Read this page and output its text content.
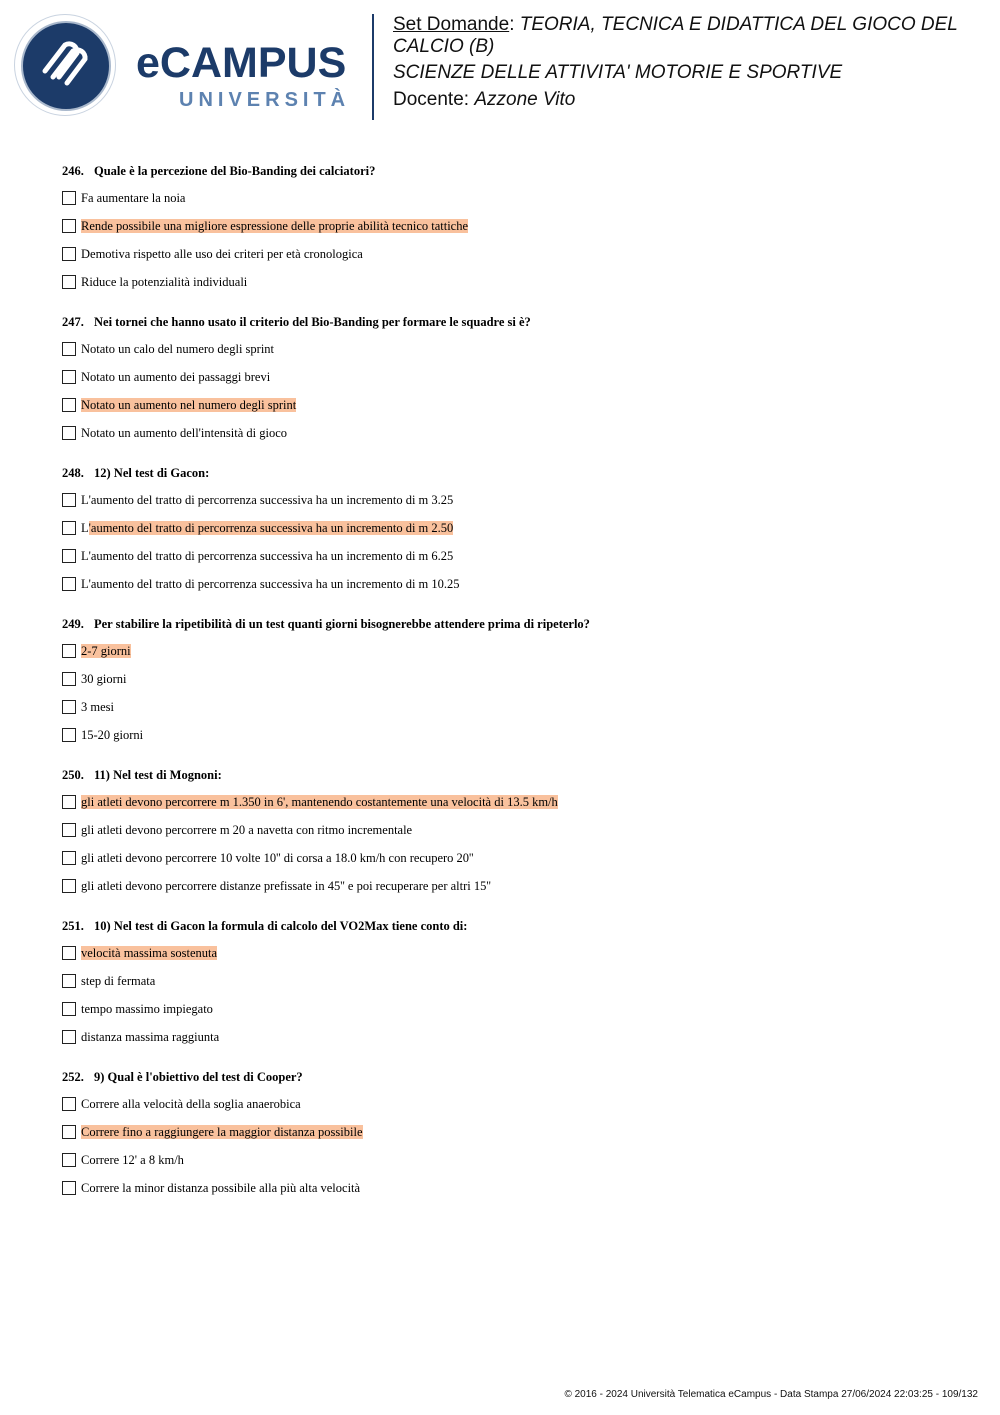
eCAMPUS
UNIVERSITÀ
Set Domande: TEORIA, TECNICA E DIDATTICA DEL GIOCO DEL CALCIO (B)
SCIENZE DELLE ATTIVITA' MOTORIE E SPORTIVE
Docente: Azzone Vito
246. Quale è la percezione del Bio-Banding dei calciatori?
Fa aumentare la noia
Rende possibile una migliore espressione delle proprie abilità tecnico tattiche
Demotiva rispetto alle uso dei criteri per età cronologica
Riduce la potenzialità individuali
247. Nei tornei che hanno usato il criterio del Bio-Banding per formare le squadre si è?
Notato un calo del numero degli sprint
Notato un aumento dei passaggi brevi
Notato un aumento nel numero degli sprint
Notato un aumento dell'intensità di gioco
248. 12) Nel test di Gacon:
L'aumento del tratto di percorrenza successiva ha un incremento di m 3.25
L'aumento del tratto di percorrenza successiva ha un incremento di m 2.50
L'aumento del tratto di percorrenza successiva ha un incremento di m 6.25
L'aumento del tratto di percorrenza successiva ha un incremento di m 10.25
249. Per stabilire la ripetibilità di un test quanti giorni bisognerebbe attendere prima di ripeterlo?
2-7 giorni
30 giorni
3 mesi
15-20 giorni
250. 11) Nel test di Mognoni:
gli atleti devono percorrere m 1.350 in 6', mantenendo costantemente una velocità di 13.5 km/h
gli atleti devono percorrere m 20 a navetta con ritmo incrementale
gli atleti devono percorrere 10 volte 10'' di corsa a 18.0 km/h con recupero 20''
gli atleti devono percorrere distanze prefissate in 45'' e poi recuperare per altri 15''
251. 10) Nel test di Gacon la formula di calcolo del VO2Max tiene conto di:
velocità massima sostenuta
step di fermata
tempo massimo impiegato
distanza massima raggiunta
252. 9) Qual è l'obiettivo del test di Cooper?
Correre alla velocità della soglia anaerobica
Correre fino a raggiungere la maggior distanza possibile
Correre 12' a 8 km/h
Correre la minor distanza possibile alla più alta velocità
© 2016 - 2024 Università Telematica eCampus - Data Stampa 27/06/2024 22:03:25 - 109/132
